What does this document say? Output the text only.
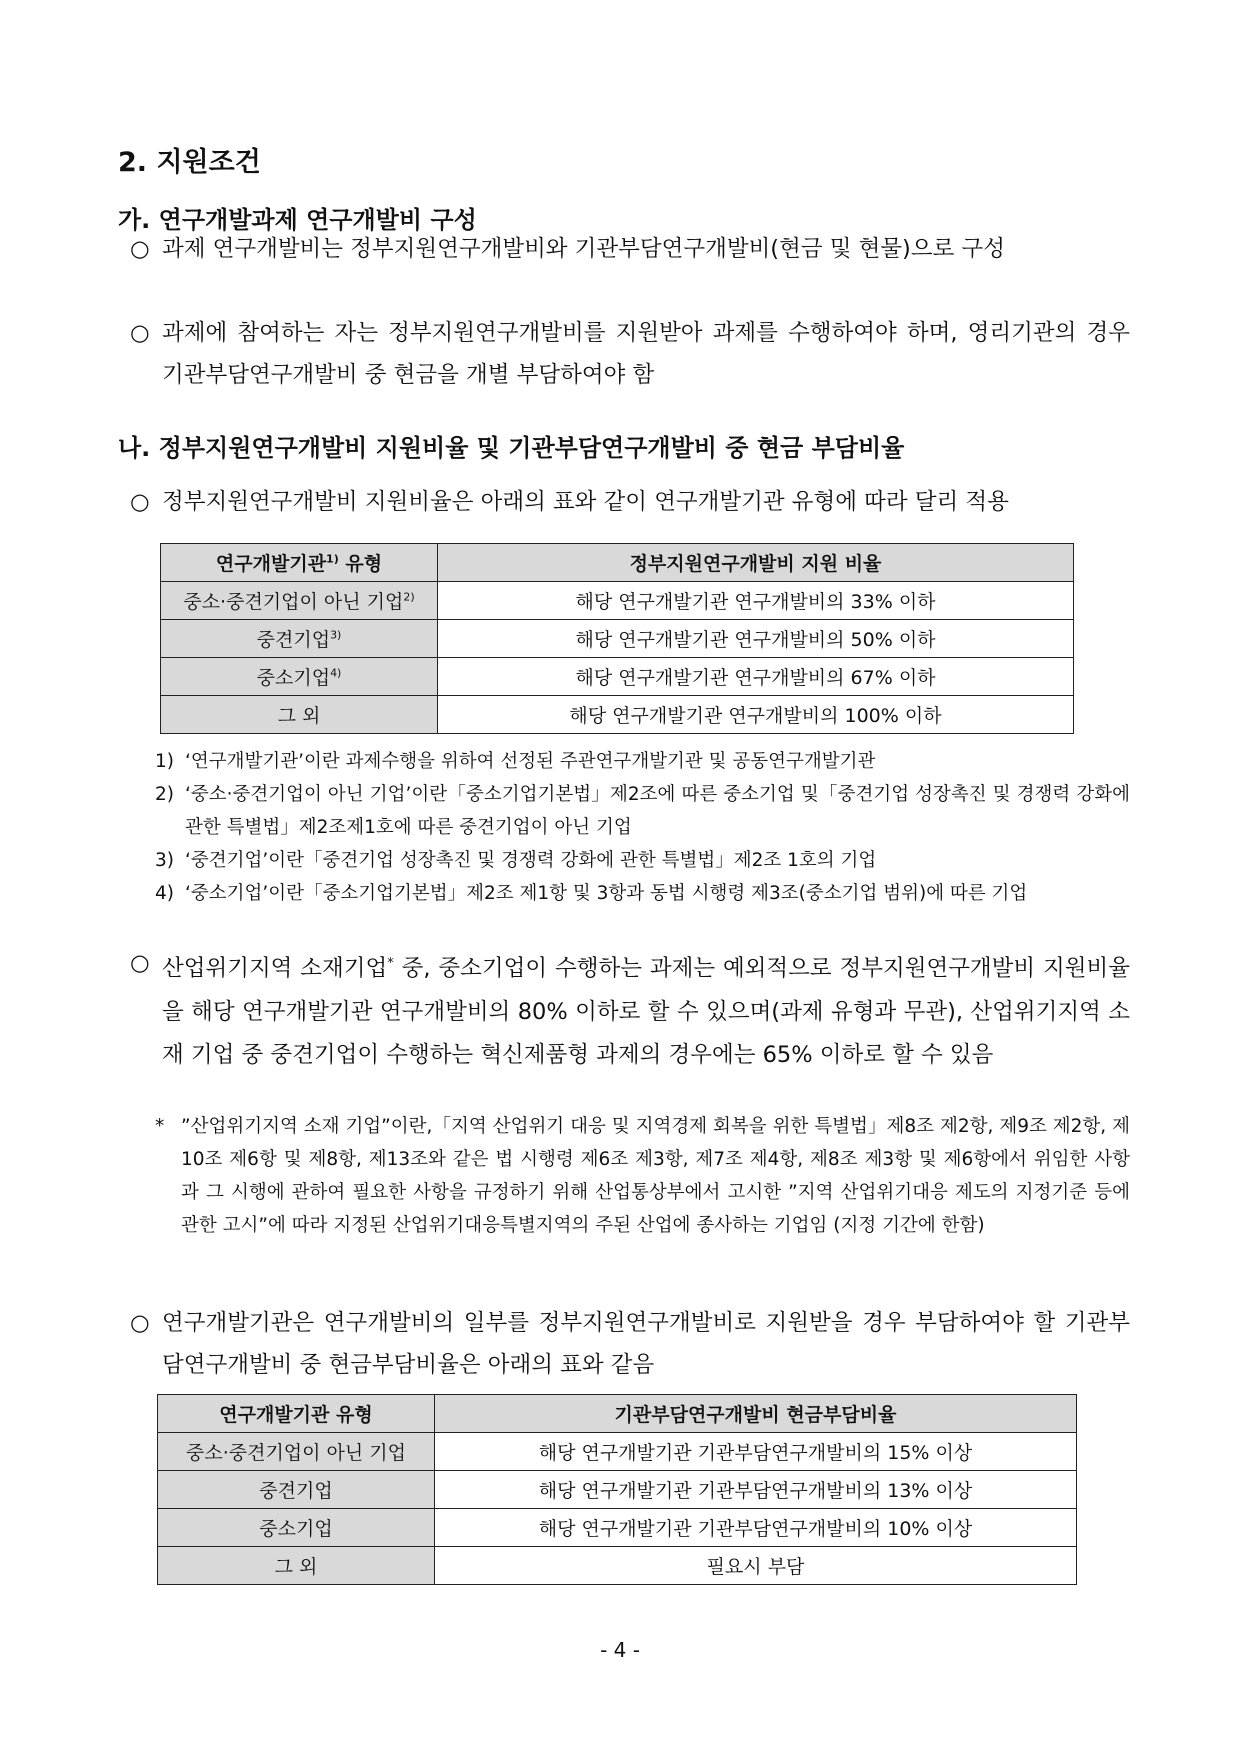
2. 지원조건
가. 연구개발과제 연구개발비 구성
○ 과제 연구개발비는 정부지원연구개발비와 기관부담연구개발비(현금 및 현물)으로 구성
○ 과제에 참여하는 자는 정부지원연구개발비를 지원받아 과제를 수행하여야 하며, 영리기관의 경우 기관부담연구개발비 중 현금을 개별 부담하여야 함
나. 정부지원연구개발비 지원비율 및 기관부담연구개발비 중 현금 부담비율
○ 정부지원연구개발비 지원비율은 아래의 표와 같이 연구개발기관 유형에 따라 달리 적용
연구개발기관$^{1)}$ 유형	정부지원연구개발비 지원 비율
중소·중견기업이 아닌 기업$^{2)}$	해당 연구개발기관 연구개발비의 33% 이하
중견기업$^{3)}$	해당 연구개발기관 연구개발비의 50% 이하
중소기업$^{4)}$	해당 연구개발기관 연구개발비의 67% 이하
그 외	해당 연구개발기관 연구개발비의 100% 이하
1) ‘연구개발기관’이란 과제수행을 위하여 선정된 주관연구개발기관 및 공동연구개발기관
2) ‘중소·중견기업이 아닌 기업’이란「중소기업기본법」제2조에 따른 중소기업 및「중견기업 성장촉진 및 경쟁력 강화에 관한 특별법」제2조제1호에 따른 중견기업이 아닌 기업
3) ‘중견기업’이란「중견기업 성장촉진 및 경쟁력 강화에 관한 특별법」제2조 1호의 기업
4) ‘중소기업’이란「중소기업기본법」제2조 제1항 및 3항과 동법 시행령 제3조(중소기업 범위)에 따른 기업
○ 산업위기지역 소재기업* 중, 중소기업이 수행하는 과제는 예외적으로 정부지원연구개발비 지원비율을 해당 연구개발기관 연구개발비의 80% 이하로 할 수 있으며(과제 유형과 무관), 산업위기지역 소재 기업 중 중견기업이 수행하는 혁신제품형 과제의 경우에는 65% 이하로 할 수 있음
* ”산업위기지역 소재 기업”이란,「지역 산업위기 대응 및 지역경제 회복을 위한 특별법」제8조 제2항, 제9조 제2항, 제10조 제6항 및 제8항, 제13조와 같은 법 시행령 제6조 제3항, 제7조 제4항, 제8조 제3항 및 제6항에서 위임한 사항과 그 시행에 관하여 필요한 사항을 규정하기 위해 산업통상부에서 고시한 ”지역 산업위기대응 제도의 지정기준 등에 관한 고시”에 따라 지정된 산업위기대응특별지역의 주된 산업에 종사하는 기업임 (지정 기간에 한함)
○ 연구개발기관은 연구개발비의 일부를 정부지원연구개발비로 지원받을 경우 부담하여야 할 기관부담연구개발비 중 현금부담비율은 아래의 표와 같음
연구개발기관 유형	기관부담연구개발비 현금부담비율
중소·중견기업이 아닌 기업	해당 연구개발기관 기관부담연구개발비의 15% 이상
중견기업	해당 연구개발기관 기관부담연구개발비의 13% 이상
중소기업	해당 연구개발기관 기관부담연구개발비의 10% 이상
그 외	필요시 부담
- 4 -
